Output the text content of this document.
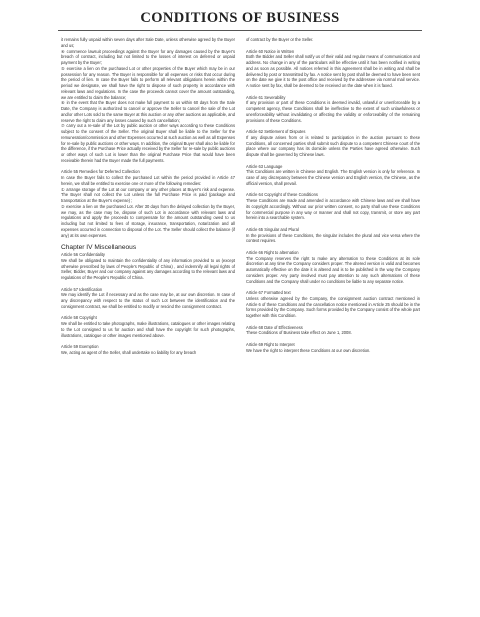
CONDITIONS OF BUSINESS

it remains fully unpaid within seven days after Sale Date, unless otherwise agreed by the Buyer and us;

④ commence lawsuit proceedings against the Buyer for any damages caused by the Buyer's breach of contract, including but not limited to the losses of interest on deferred or unpaid payment by the Buyer;

⑤ exercise a lien on the purchased Lot or other properties of the Buyer which may be in our possession for any reason. The Buyer is responsible for all expenses or risks that occur during the period of lien. In case the Buyer fails to perform all relevant obligations herein within the period we designate, we shall have the right to dispose of such property in accordance with relevant laws and regulations. In the case the proceeds cannot cover the amount outstanding, we are entitled to claim the balance;

⑥ in the event that the Buyer does not make full payment to us within 60 days from the Sale Date, the Company is authorized to cancel or approve the Seller to cancel the sale of the Lot and/or other Lots sold to the same Buyer at this auction or any other auctions as applicable, and reserve the right to claim any losses caused by such cancellation;

⑦ carry out a re-sale of the Lot by public auction or other ways according to these Conditions subject to the consent of the Seller. The original Buyer shall be liable to the Seller for the remuneration/commission and other Expenses occurred at such auction as well as all Expenses for re-sale by public auctions or other ways. In addition, the original Buyer shall also be liable for the difference, if the Purchase Price actually received by the Seller for re-sale by public auctions or other ways of such Lot is lower than the original Purchase Price that would have been receivable therein had the Buyer made the full payments.

Article 55 Remedies for Deferred Collection

In case the Buyer fails to collect the purchased Lot within the period provided in Article 47 herein, we shall be entitled to exercise one or more of the following remedies:

① arrange storage of the Lot at our company or any other places at Buyer's risk and expense. The Buyer shall not collect the Lot unless the full Purchase Price is paid (package and transportation at the Buyer's expense) ;

② exercise a lien on the purchased Lot. After 30 days from the delayed collection by the Buyer, we may, as the case may be, dispose of such Lot in accordance with relevant laws and regulations and apply the proceeds to compensate for the amount outstanding owed to us including but not limited to fees of storage, insurance, transportation, notarization and all expenses occurred in connection to disposal of the Lot. The Seller should collect the balance (if any) at its own expenses.

Chapter IV Miscellaneous

Article 56 Confidentiality

We shall be obligated to maintain the confidentiality of any information provided to us (except otherwise prescribed by laws of People's Republic of China) , and indemnify all legal rights of Seller, Bidder, Buyer and our company against any damages according to the relevant laws and regulations of the People's Republic of China.

Article 57 Identification

We may identify the Lot if necessary and as the case may be, at our own discretion. In case of any discrepancy with respect to the status of such Lot between the identification and the consignment contract, we shall be entitled to modify or rescind the consignment contract.

Article 58 Copyright

We shall be entitled to take photographs, make illustrations, catalogues or other images relating to the Lot consigned to us for auction and shall have the copyright for such photographs, illustrations, catalogue or other images mentioned above.

Article 59 Exemption

We, acting as agent of the Seller, shall undertake no liability for any breach

of contract by the Buyer or the Seller.

Article 60 Notice in Written

Both the Bidder and Seller shall notify us of their valid and regular means of communication and address. No change in any of the particulars will be effective until it has been notified in writing and as soon as possible. All notices referred in this agreement shall be in writing and shall be delivered by post or transmitted by fax. A notice sent by post shall be deemed to have been sent on the date we give it to the post office and received by the addressee via normal mail service. A notice sent by fax, shall be deemed to be received on the date when it is faxed.

Article 61 Severability

If any provision or part of these Conditions is deemed invalid, unlawful or unenforceable by a competent agency, these Conditions shall be ineffective to the extent of such unlawfulness or unenforceability without invalidating or affecting the validity or enforceability of the remaining provisions of these Conditions.

Article 62 Settlement of Disputes

If any dispute arises from or is related to participation in the auction pursuant to these Conditions, all concerned parties shall submit such dispute to a competent Chinese court of the place where our company has its domicile unless the Parties have agreed otherwise. Such dispute shall be governed by Chinese laws.

Article 63 Language

This Conditions are written in Chinese and English. The English version is only for reference. In case of any discrepancy between the Chinese version and English version, the Chinese, as the official version, shall prevail.

Article 64 Copyright of these Conditions

These Conditions are made and amended in accordance with Chinese laws and we shall have its copyright accordingly. Without our prior written consent, no party shall use these Conditions for commercial purpose in any way or manner and shall not copy, transmit, or store any part herein into a searchable system.

Article 65 Singular and Plural

In the provisions of these Conditions, the singular includes the plural and vice versa where the context requires.

Article 66 Right to alternation

The Company reserves the right to make any alternation to these Conditions at its sole discretion at any time the Company considers proper. The altered version is valid and becomes automatically effective on the date it is altered and is to be published in the way the Company considers proper. Any party involved must pay attention to any such alternations of these Conditions and the Company shall under no conditions be liable to any separate notice.

Article 67 Formatted text

Unless otherwise agreed by the Company, the consignment auction contract mentioned in Article 6 of these Conditions and the cancellation notice mentioned in Article 25 should be in the forms provided by the Company. Such forms provided by the Company consist of the whole part together with this Condition.

Article 68 Date of Effectiveness

These Conditions of Business take effect on June 1, 2008.

Article 69 Right to Interpret

We have the right to interpret these Conditions at our own discretion.
